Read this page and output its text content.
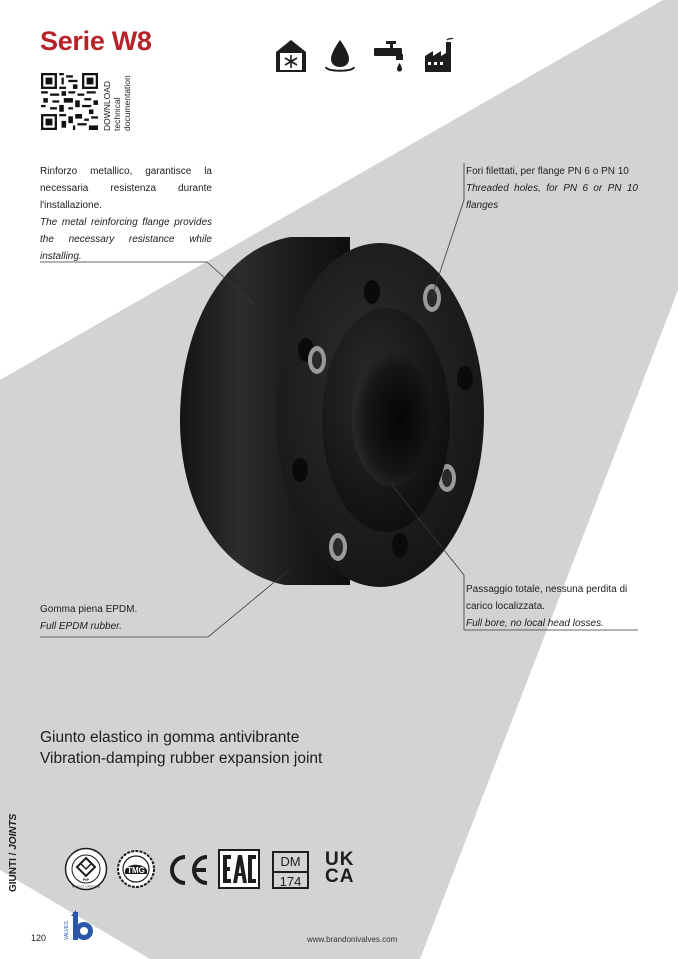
Serie W8
DOWNLOAD technical documentation
Rinforzo metallico, garantisce la necessaria resistenza durante l'installazione.
The metal reinforcing flange provides the necessary resistance while installing.
Fori filettati, per flange PN 6 o PN 10
Threaded holes, for PN 6 or PN 10 flanges
Passaggio totale, nessuna perdita di carico localizzata.
Full bore, no local head losses.
Gomma piena EPDM.
Full EPDM rubber.
Giunto elastico in gomma antivibrante
Vibration-damping rubber expansion joint
GIUNTI / JOINTS
PIP
PRODUCT 2 PROCESS
TMG
DM
174
UK
CA
120	VALVES	www.brandonivalves.com
